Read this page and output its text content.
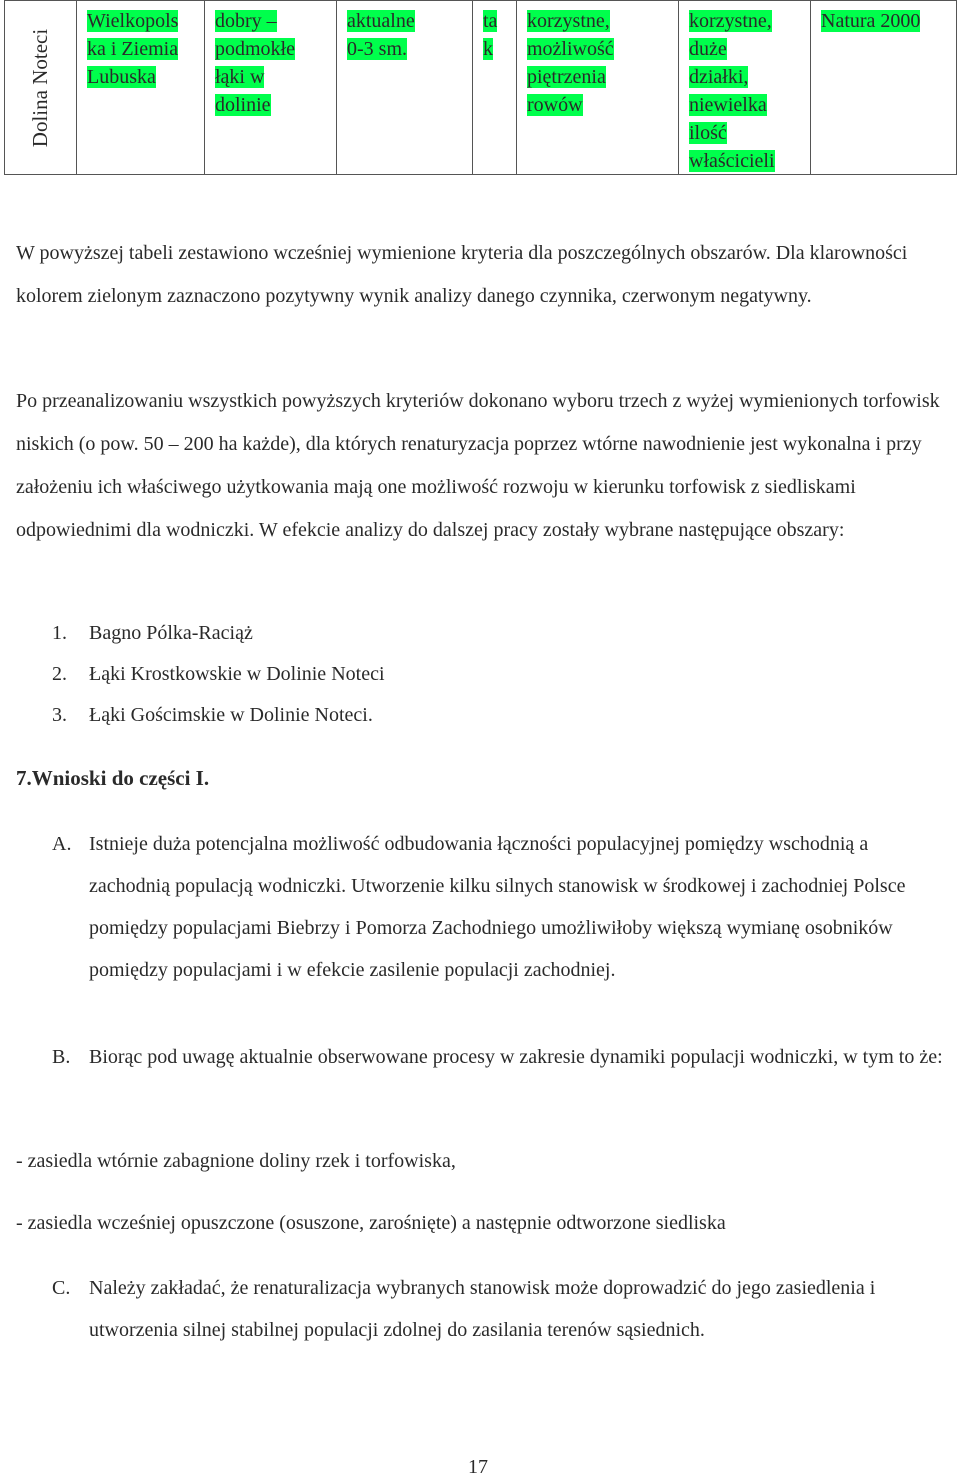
Dolina Noteci
Wielkopols
ka i Ziemia
Lubuska
dobry –
podmokłe
łąki w
dolinie
aktualne
0-3 sm.
ta
k
korzystne,
możliwość
piętrzenia
rowów
korzystne,
duże
działki,
niewielka
ilość
właścicieli
Natura 2000
W powyższej tabeli zestawiono wcześniej wymienione kryteria dla poszczególnych obszarów. Dla klarowności kolorem zielonym zaznaczono pozytywny wynik analizy danego czynnika, czerwonym negatywny.
Po przeanalizowaniu wszystkich powyższych kryteriów dokonano wyboru trzech z wyżej wymienionych torfowisk niskich (o pow. 50 – 200 ha każde), dla których renaturyzacja poprzez wtórne nawodnienie jest wykonalna i przy założeniu ich właściwego użytkowania mają one możliwość rozwoju w kierunku torfowisk z siedliskami odpowiednimi dla wodniczki. W efekcie analizy do dalszej pracy zostały wybrane następujące obszary:
1. Bagno Pólka-Raciąż
2. Łąki Krostkowskie w Dolinie Noteci
3. Łąki Gościmskie w Dolinie Noteci.
7.Wnioski do części I.
A. Istnieje duża potencjalna możliwość odbudowania łączności populacyjnej pomiędzy wschodnią a zachodnią populacją wodniczki. Utworzenie kilku silnych stanowisk w środkowej i zachodniej Polsce pomiędzy populacjami Biebrzy i Pomorza Zachodniego umożliwiłoby większą wymianę osobników pomiędzy populacjami i w efekcie zasilenie populacji zachodniej.
B. Biorąc pod uwagę aktualnie obserwowane procesy w zakresie dynamiki populacji wodniczki, w tym to że:
- zasiedla wtórnie zabagnione doliny rzek i torfowiska,
- zasiedla wcześniej opuszczone (osuszone, zarośnięte) a następnie odtworzone siedliska
C. Należy zakładać, że renaturalizacja wybranych stanowisk może doprowadzić do jego zasiedlenia i utworzenia silnej stabilnej populacji zdolnej do zasilania terenów sąsiednich.
17
